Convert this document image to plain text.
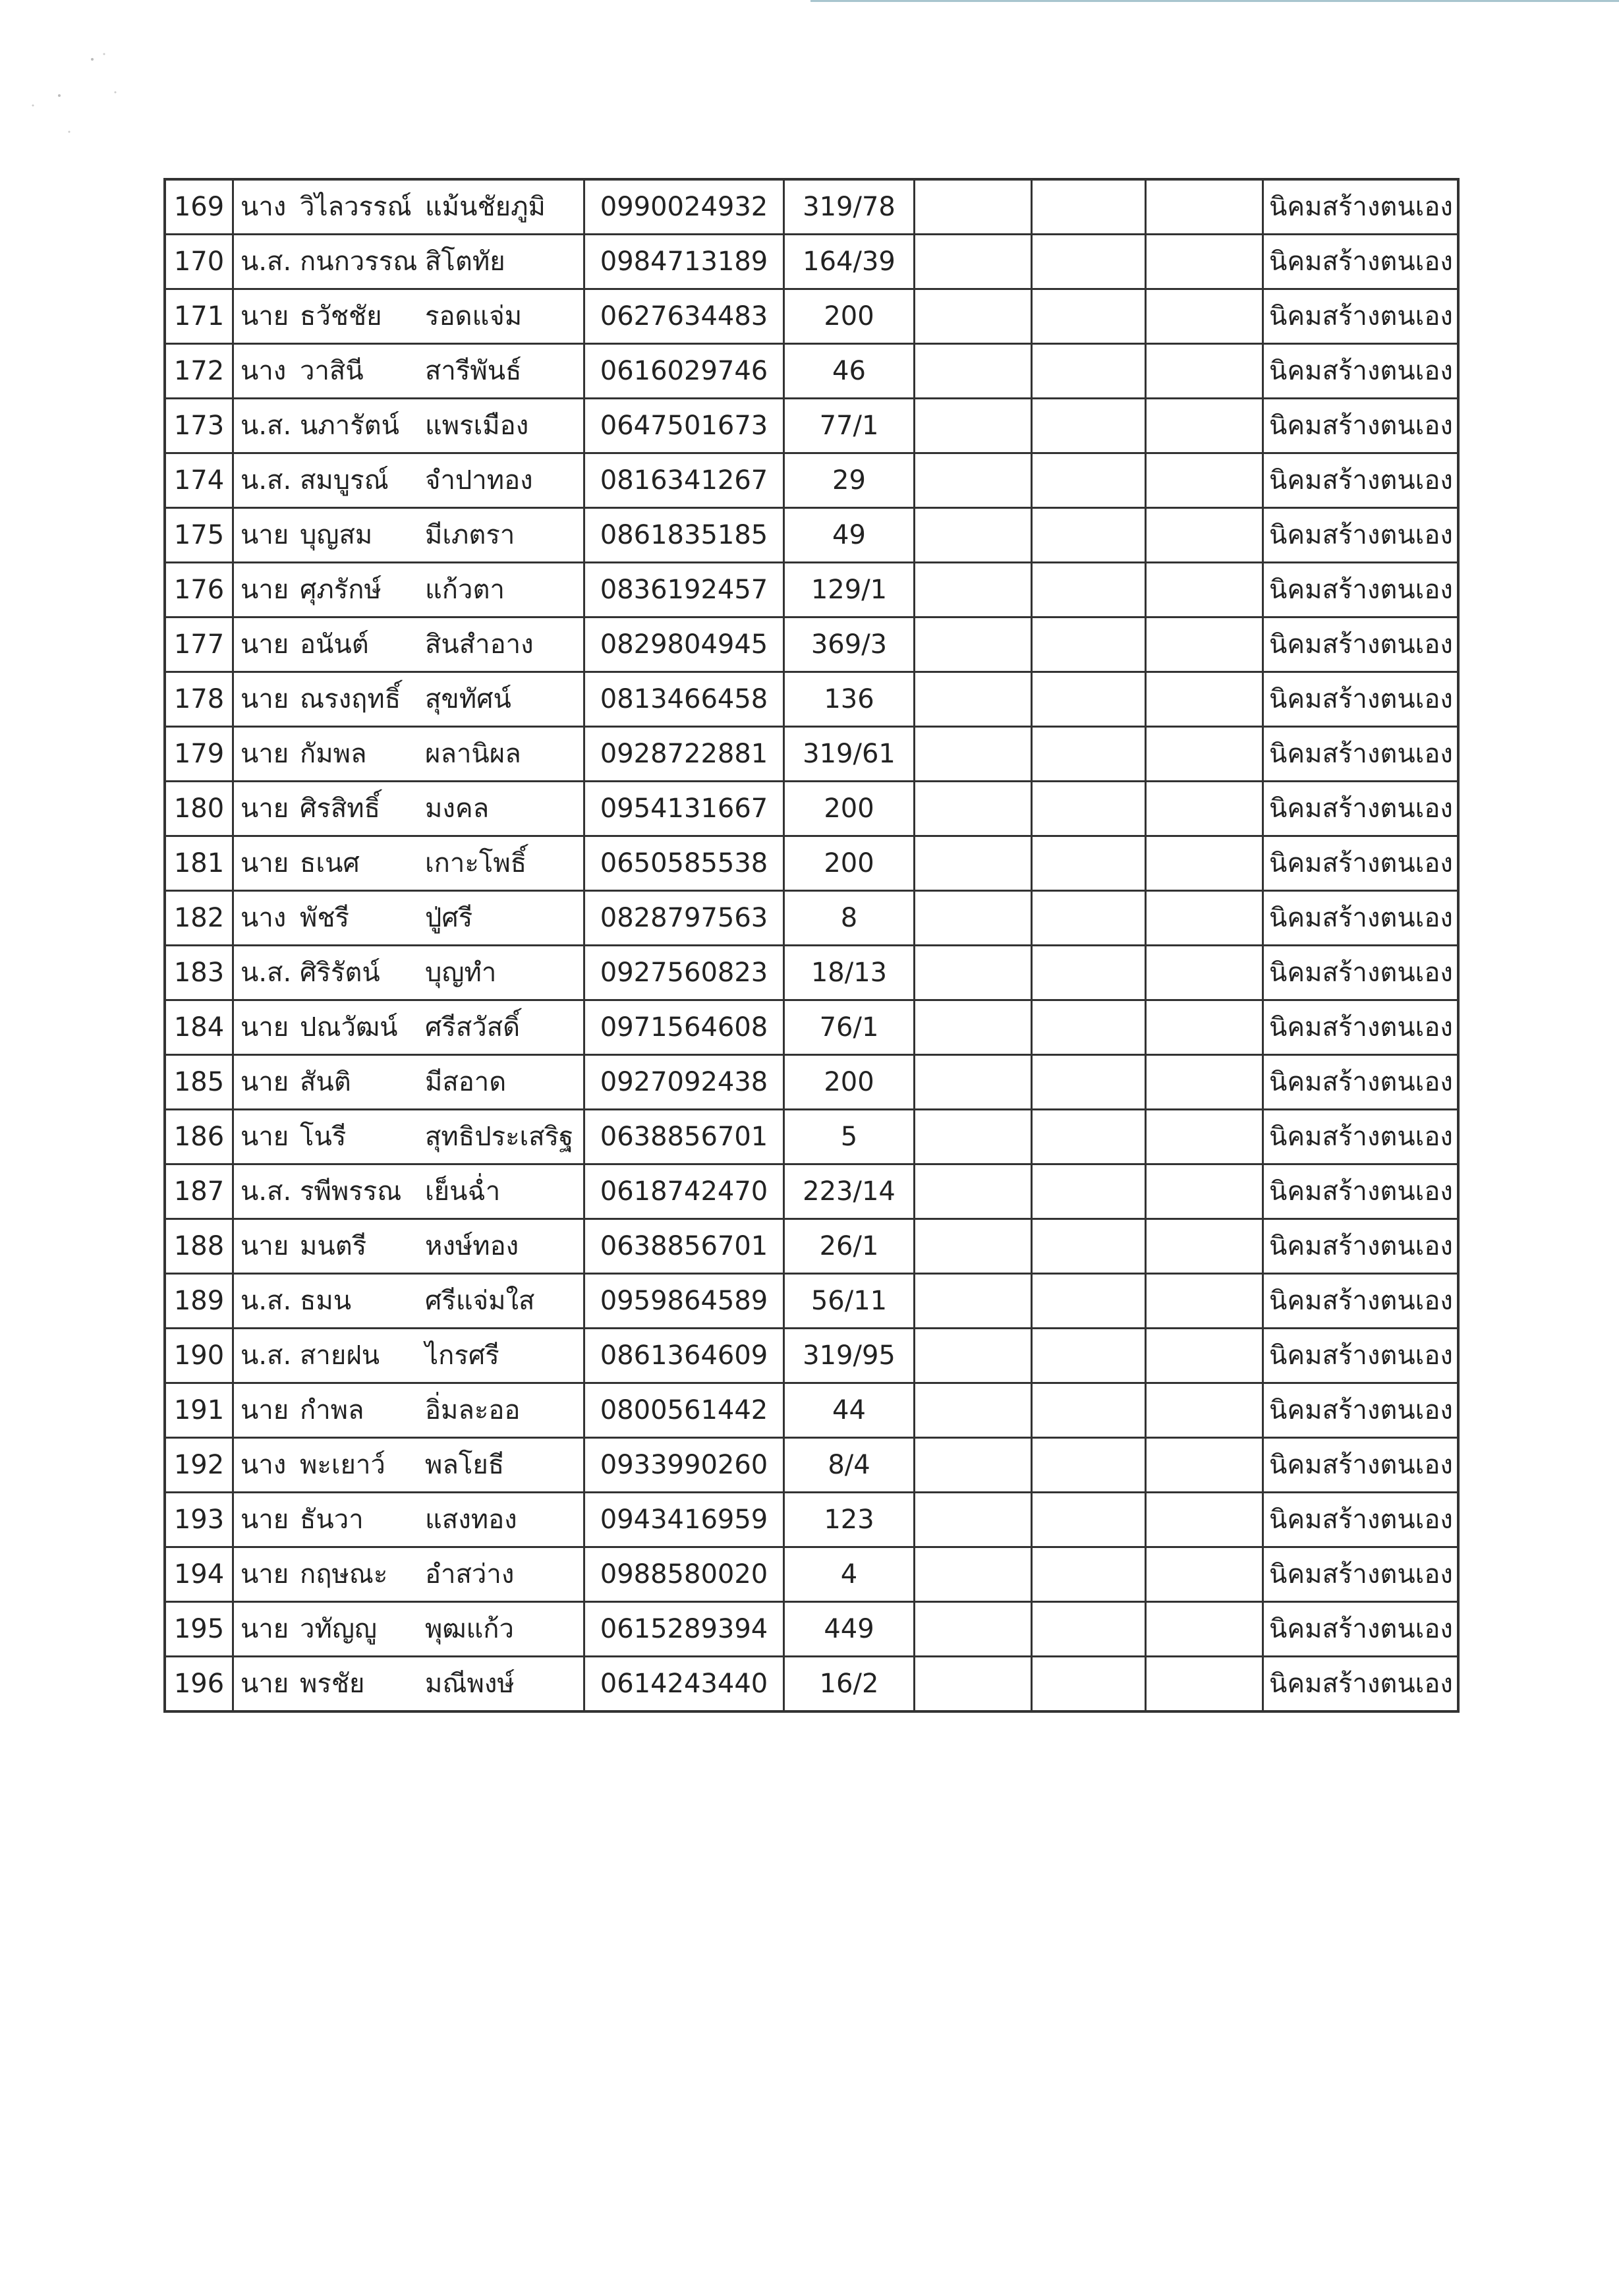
169	นาง วิไลวรรณ์ แม้นชัยภูมิ	0990024932	319/78				นิคมสร้างตนเอง
170	น.ส. กนกวรรณ สิโตทัย	0984713189	164/39				นิคมสร้างตนเอง
171	นาย ธวัชชัย รอดแจ่ม	0627634483	200				นิคมสร้างตนเอง
172	นาง วาสินี สารีพันธ์	0616029746	46				นิคมสร้างตนเอง
173	น.ส. นภารัตน์ แพรเมือง	0647501673	77/1				นิคมสร้างตนเอง
174	น.ส. สมบูรณ์ จำปาทอง	0816341267	29				นิคมสร้างตนเอง
175	นาย บุญสม มีเภตรา	0861835185	49				นิคมสร้างตนเอง
176	นาย ศุภรักษ์ แก้วตา	0836192457	129/1				นิคมสร้างตนเอง
177	นาย อนันต์ สินสำอาง	0829804945	369/3				นิคมสร้างตนเอง
178	นาย ณรงฤทธิ์ สุขทัศน์	0813466458	136				นิคมสร้างตนเอง
179	นาย กัมพล ผลานิผล	0928722881	319/61				นิคมสร้างตนเอง
180	นาย ศิรสิทธิ์ มงคล	0954131667	200				นิคมสร้างตนเอง
181	นาย ธเนศ เกาะโพธิ์	0650585538	200				นิคมสร้างตนเอง
182	นาง พัชรี ปู่ศรี	0828797563	8				นิคมสร้างตนเอง
183	น.ส. ศิริรัตน์ บุญทำ	0927560823	18/13				นิคมสร้างตนเอง
184	นาย ปณวัฒน์ ศรีสวัสดิ์	0971564608	76/1				นิคมสร้างตนเอง
185	นาย สันติ มีสอาด	0927092438	200				นิคมสร้างตนเอง
186	นาย โนรี สุทธิประเสริฐ	0638856701	5				นิคมสร้างตนเอง
187	น.ส. รพีพรรณ เย็นฉ่ำ	0618742470	223/14				นิคมสร้างตนเอง
188	นาย มนตรี หงษ์ทอง	0638856701	26/1				นิคมสร้างตนเอง
189	น.ส. ธมน ศรีแจ่มใส	0959864589	56/11				นิคมสร้างตนเอง
190	น.ส. สายฝน ไกรศรี	0861364609	319/95				นิคมสร้างตนเอง
191	นาย กำพล อิ่มละออ	0800561442	44				นิคมสร้างตนเอง
192	นาง พะเยาว์ พลโยธี	0933990260	8/4				นิคมสร้างตนเอง
193	นาย ธันวา แสงทอง	0943416959	123				นิคมสร้างตนเอง
194	นาย กฤษณะ อำสว่าง	0988580020	4				นิคมสร้างตนเอง
195	นาย วทัญญู พุฒแก้ว	0615289394	449				นิคมสร้างตนเอง
196	นาย พรชัย มณีพงษ์	0614243440	16/2				นิคมสร้างตนเอง
